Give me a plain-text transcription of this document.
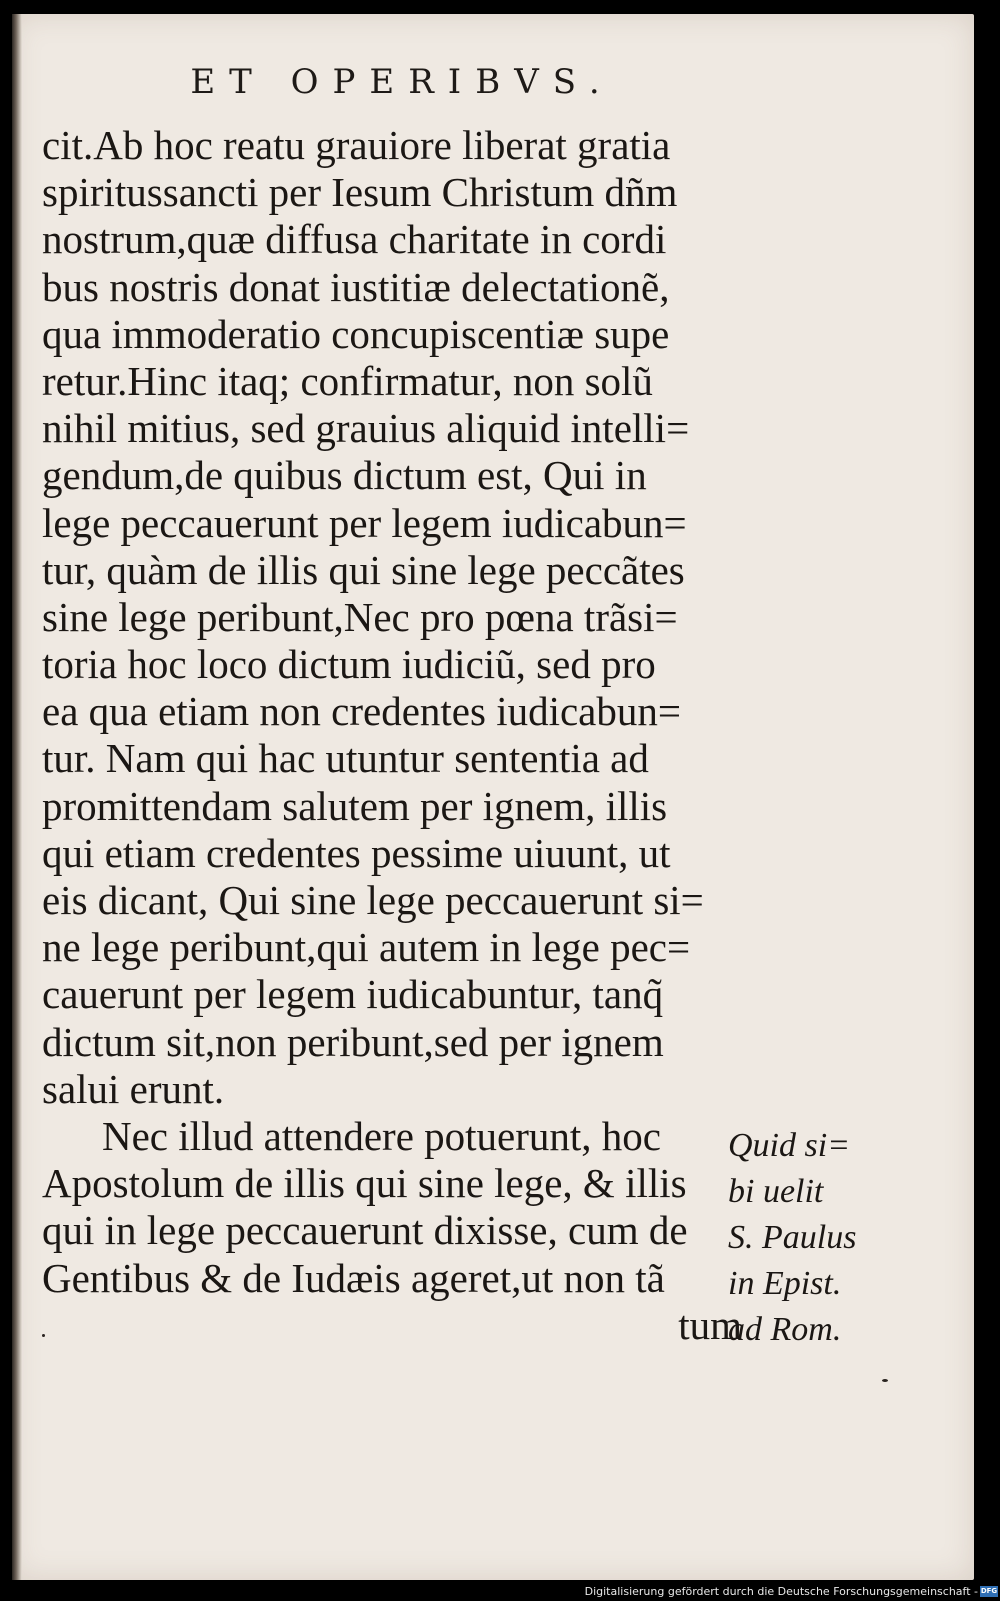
ET OPERIBVS.
cit.Ab hoc reatu grauiore liberat gratia
spiritussancti per Iesum Christum dñm
nostrum,quæ diffusa charitate in cordi
bus nostris donat iustitiæ delectationẽ,
qua immoderatio concupiscentiæ supe
retur.Hinc itaq; confirmatur, non solũ
nihil mitius, sed grauius aliquid intelli=
gendum,de quibus dictum est, Qui in
lege peccauerunt per legem iudicabun=
tur, quàm de illis qui sine lege peccãtes
sine lege peribunt,Nec pro pœna trãsi=
toria hoc loco dictum iudiciũ, sed pro
ea qua etiam non credentes iudicabun=
tur. Nam qui hac utuntur sententia ad
promittendam salutem per ignem, illis
qui etiam credentes pessime uiuunt, ut
eis dicant, Qui sine lege peccauerunt si=
ne lege peribunt,qui autem in lege pec=
cauerunt per legem iudicabuntur, tanq̃
dictum sit,non peribunt,sed per ignem
salui erunt.
Nec illud attendere potuerunt, hoc
Apostolum de illis qui sine lege, & illis
qui in lege peccauerunt dixisse, cum de
Gentibus & de Iudæis ageret,ut non tã
tum
Quid si=
bi uelit
S. Paulus
in Epist.
ad Rom.
Digitalisierung gefördert durch die Deutsche Forschungsgemeinschaft - DFG
